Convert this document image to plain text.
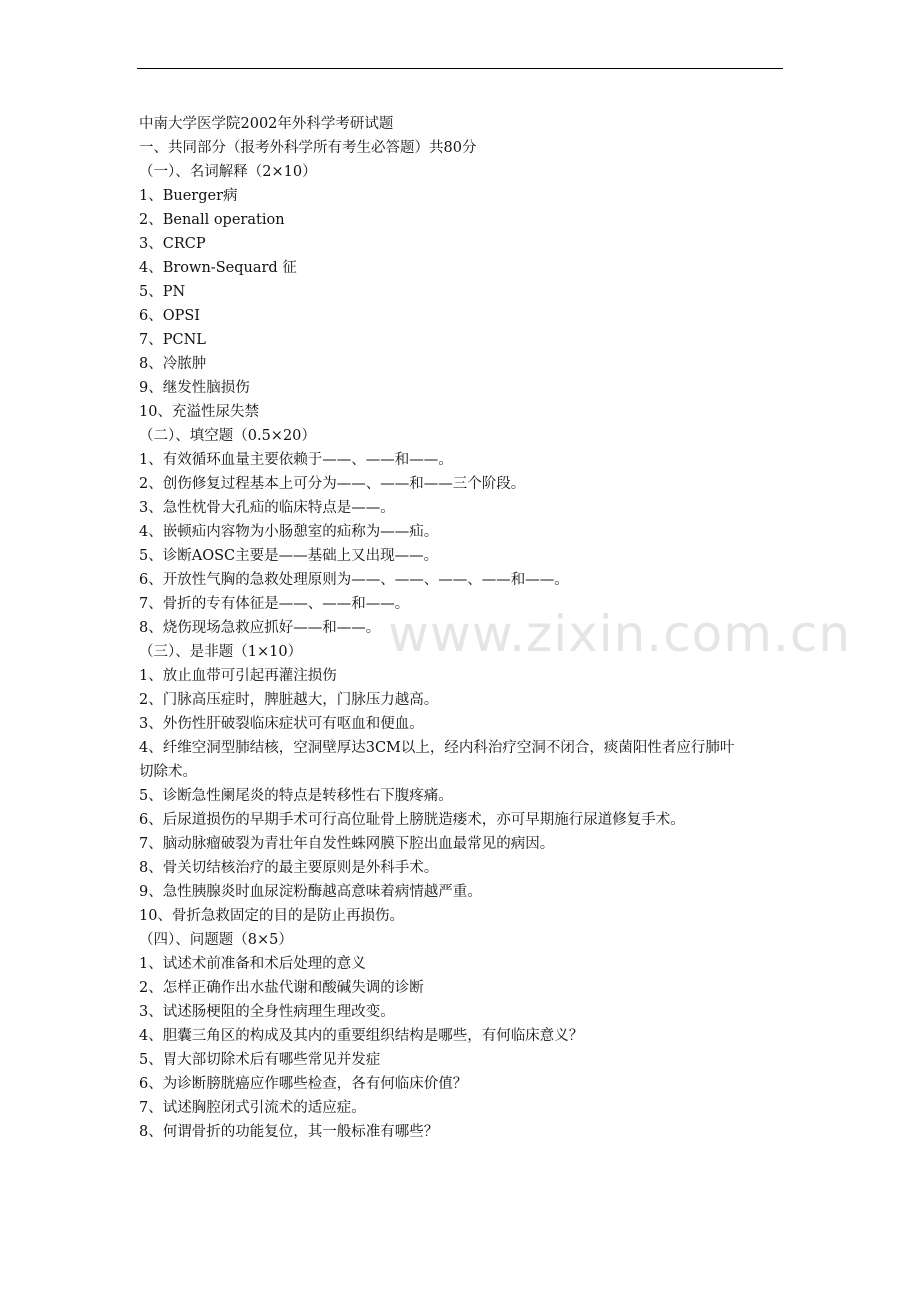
中南大学医学院2002年外科学考研试题
一、共同部分（报考外科学所有考生必答题）共80分
（一）、名词解释（2×10）
1、Buerger病
2、Benall operation
3、CRCP
4、Brown-Sequard 征
5、PN
6、OPSI
7、PCNL
8、冷脓肿
9、继发性脑损伤
10、充溢性尿失禁
（二）、填空题（0.5×20）
1、有效循环血量主要依赖于——、——和——。
2、创伤修复过程基本上可分为——、——和——三个阶段。
3、急性枕骨大孔疝的临床特点是——。
4、嵌顿疝内容物为小肠憩室的疝称为——疝。
5、诊断AOSC主要是——基础上又出现——。
6、开放性气胸的急救处理原则为——、——、——、——和——。
7、骨折的专有体征是——、——和——。
8、烧伤现场急救应抓好——和——。
（三）、是非题（1×10）
1、放止血带可引起再灌注损伤
2、门脉高压症时，脾脏越大，门脉压力越高。
3、外伤性肝破裂临床症状可有呕血和便血。
4、纤维空洞型肺结核，空洞壁厚达3CM以上，经内科治疗空洞不闭合，痰菌阳性者应行肺叶
切除术。
5、诊断急性阑尾炎的特点是转移性右下腹疼痛。
6、后尿道损伤的早期手术可行高位耻骨上膀胱造瘘术，亦可早期施行尿道修复手术。
7、脑动脉瘤破裂为青壮年自发性蛛网膜下腔出血最常见的病因。
8、骨关切结核治疗的最主要原则是外科手术。
9、急性胰腺炎时血尿淀粉酶越高意味着病情越严重。
10、骨折急救固定的目的是防止再损伤。
（四）、问题题（8×5）
1、试述术前准备和术后处理的意义
2、怎样正确作出水盐代谢和酸碱失调的诊断
3、试述肠梗阻的全身性病理生理改变。
4、胆囊三角区的构成及其内的重要组织结构是哪些，有何临床意义？
5、胃大部切除术后有哪些常见并发症
6、为诊断膀胱癌应作哪些检查，各有何临床价值？
7、试述胸腔闭式引流术的适应症。
8、何谓骨折的功能复位，其一般标准有哪些？
www.zixin.com.cn
